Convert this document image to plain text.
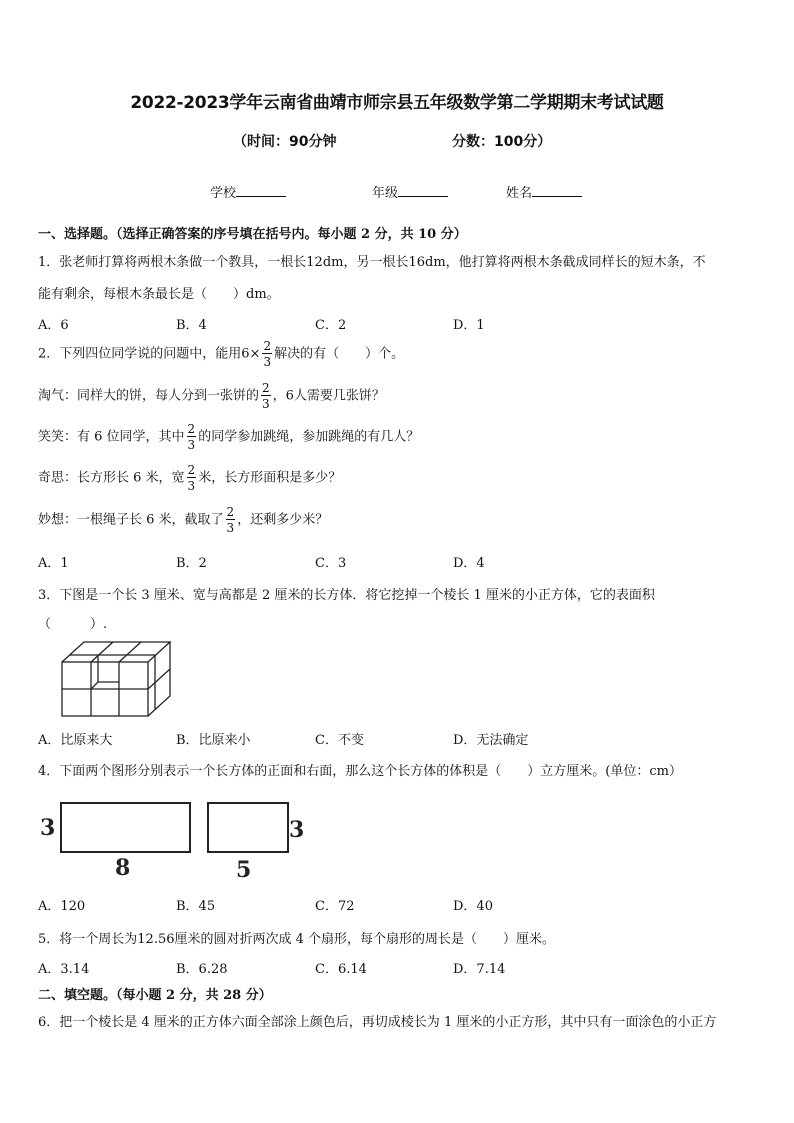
2022-2023学年云南省曲靖市师宗县五年级数学第二学期期末考试试题
（时间：90分钟	分数：100分）
学校	年级	姓名
一、选择题。（选择正确答案的序号填在括号内。每小题 2 分，共 10 分）
1．张老师打算将两根木条做一个教具，一根长12dm，另一根长16dm，他打算将两根木条截成同样长的短木条，不
能有剩余，每根木条最长是（　　）dm。
A．6	B．4	C．2	D．1
2．下列四位同学说的问题中，能用$6\times \frac{2}{3}$ 解决的有（　　）个。
淘气：同样大的饼，每人分到一张饼的 $\frac{2}{3}$ ，6人需要几张饼？
笑笑：有 6 位同学，其中 $\frac{2}{3}$ 的同学参加跳绳，参加跳绳的有几人？
奇思：长方形长 6 米，宽 $\frac{2}{3}$ 米，长方形面积是多少？
妙想：一根绳子长 6 米，截取了 $\frac{2}{3}$ ，还剩多少米？
A．1	B．2	C．3	D．4
3．下图是一个长 3 厘米、宽与高都是 2 厘米的长方体．将它挖掉一个棱长 1 厘米的小正方体，它的表面积
（　　　）.
A．比原来大	B．比原来小	C．不变	D．无法确定
4．下面两个图形分别表示一个长方体的正面和右面，那么这个长方体的体积是（　　）立方厘米。(单位：cm）
3
8
3
5
A．120	B．45	C．72	D．40
5．将一个周长为12.56厘米的圆对折两次成 4 个扇形，每个扇形的周长是（　　）厘米。
A．3.14	B．6.28	C．6.14	D．7.14
二、填空题。（每小题 2 分，共 28 分）
6．把一个棱长是 4 厘米的正方体六面全部涂上颜色后，再切成棱长为 1 厘米的小正方形，其中只有一面涂色的小正方
